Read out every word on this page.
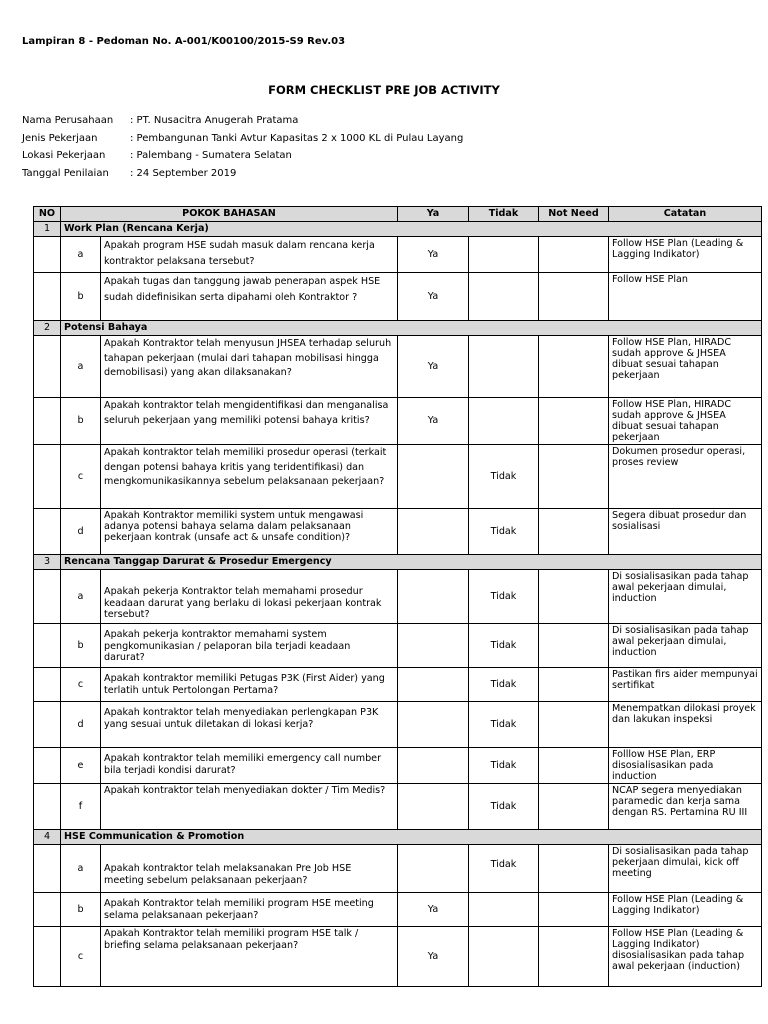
Lampiran 8 - Pedoman No. A-001/K00100/2015-S9 Rev.03
FORM CHECKLIST PRE JOB ACTIVITY
Nama Perusahaan	: PT. Nusacitra Anugerah Pratama
Jenis Pekerjaan	: Pembangunan Tanki Avtur Kapasitas 2 x 1000 KL di Pulau Layang
Lokasi Pekerjaan	: Palembang - Sumatera Selatan
Tanggal Penilaian	: 24 September 2019
NO	POKOK BAHASAN		Ya	Tidak	Not Need	Catatan
1	Work Plan (Rencana Kerja)					
	a	Apakah program HSE sudah masuk dalam rencana kerja kontraktor pelaksana tersebut?	Ya			Follow HSE Plan (Leading & Lagging Indikator)
	b	Apakah tugas dan tanggung jawab penerapan aspek HSE sudah didefinisikan serta dipahami oleh Kontraktor ?	Ya			Follow HSE Plan
2	Potensi Bahaya					
	a	Apakah Kontraktor telah menyusun JHSEA terhadap seluruh tahapan pekerjaan (mulai dari tahapan mobilisasi hingga demobilisasi) yang akan dilaksanakan?	Ya			Follow HSE Plan, HIRADC sudah approve & JHSEA dibuat sesuai tahapan pekerjaan
	b	Apakah kontraktor telah mengidentifikasi dan menganalisa seluruh pekerjaan yang memiliki potensi bahaya kritis?	Ya			Follow HSE Plan, HIRADC sudah approve & JHSEA dibuat sesuai tahapan pekerjaan
	c	Apakah kontraktor telah memiliki prosedur operasi (terkait dengan potensi bahaya kritis yang teridentifikasi) dan mengkomunikasikannya sebelum pelaksanaan pekerjaan?		Tidak		Dokumen prosedur operasi, proses review
	d	Apakah Kontraktor memiliki system untuk mengawasi adanya potensi bahaya selama dalam pelaksanaan pekerjaan kontrak (unsafe act & unsafe condition)?		Tidak		Segera dibuat prosedur dan sosialisasi
3	Rencana Tanggap Darurat & Prosedur Emergency					
	a	Apakah pekerja Kontraktor telah memahami prosedur keadaan darurat yang berlaku di lokasi pekerjaan kontrak tersebut?		Tidak		Di sosialisasikan pada tahap awal pekerjaan dimulai, induction
	b	Apakah pekerja kontraktor memahami system pengkomunikasian / pelaporan bila terjadi keadaan darurat?		Tidak		Di sosialisasikan pada tahap awal pekerjaan dimulai, induction
	c	Apakah kontraktor memiliki Petugas P3K (First Aider) yang terlatih untuk Pertolongan Pertama?		Tidak		Pastikan firs aider mempunyai sertifikat
	d	Apakah kontraktor telah menyediakan perlengkapan P3K yang sesuai untuk diletakan di lokasi kerja?		Tidak		Menempatkan dilokasi proyek dan lakukan inspeksi
	e	Apakah kontraktor telah memiliki emergency call number bila terjadi kondisi darurat?		Tidak		Folllow HSE Plan, ERP disosialisasikan pada induction
	f	Apakah kontraktor telah menyediakan dokter / Tim Medis?		Tidak		NCAP segera menyediakan paramedic dan kerja sama dengan RS. Pertamina RU III
4	HSE Communication & Promotion					
	a	Apakah kontraktor telah melaksanakan Pre Job HSE meeting sebelum pelaksanaan pekerjaan?		Tidak		Di sosialisasikan pada tahap pekerjaan dimulai, kick off meeting
	b	Apakah Kontraktor telah memiliki program HSE meeting selama pelaksanaan pekerjaan?	Ya			Follow HSE Plan (Leading & Lagging Indikator)
	c	Apakah Kontraktor telah memiliki program HSE talk / briefing selama pelaksanaan pekerjaan?	Ya			Follow HSE Plan (Leading & Lagging Indikator) disosialisasikan pada tahap awal pekerjaan (induction)
